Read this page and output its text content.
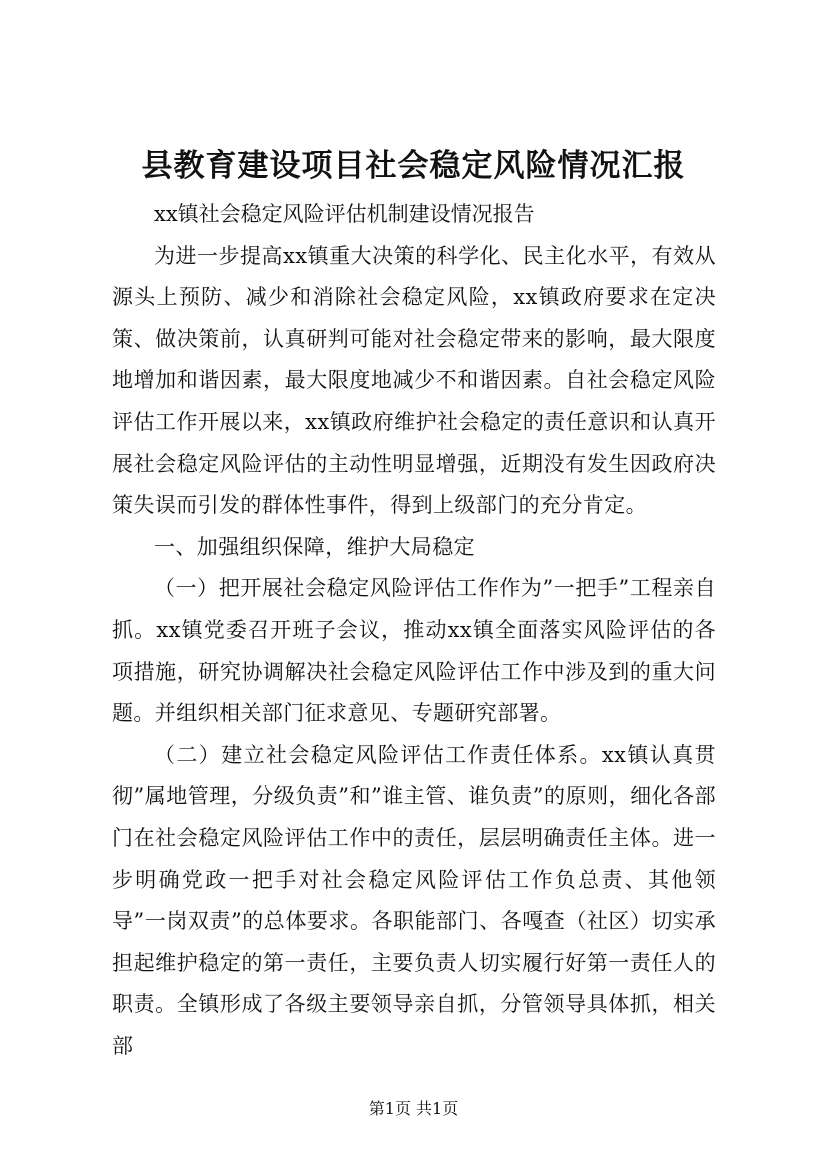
县教育建设项目社会稳定风险情况汇报

xx镇社会稳定风险评估机制建设情况报告

为进一步提高xx镇重大决策的科学化、民主化水平，有效从源头上预防、减少和消除社会稳定风险，xx镇政府要求在定决策、做决策前，认真研判可能对社会稳定带来的影响，最大限度地增加和谐因素，最大限度地减少不和谐因素。自社会稳定风险评估工作开展以来，xx镇政府维护社会稳定的责任意识和认真开展社会稳定风险评估的主动性明显增强，近期没有发生因政府决策失误而引发的群体性事件，得到上级部门的充分肯定。

一、加强组织保障，维护大局稳定

（一）把开展社会稳定风险评估工作作为”一把手”工程亲自抓。xx镇党委召开班子会议，推动xx镇全面落实风险评估的各项措施，研究协调解决社会稳定风险评估工作中涉及到的重大问题。并组织相关部门征求意见、专题研究部署。

（二）建立社会稳定风险评估工作责任体系。xx镇认真贯彻”属地管理，分级负责”和”谁主管、谁负责”的原则，细化各部门在社会稳定风险评估工作中的责任，层层明确责任主体。进一步明确党政一把手对社会稳定风险评估工作负总责、其他领导”一岗双责”的总体要求。各职能部门、各嘎查（社区）切实承担起维护稳定的第一责任，主要负责人切实履行好第一责任人的职责。全镇形成了各级主要领导亲自抓，分管领导具体抓，相关部

第1页 共1页
